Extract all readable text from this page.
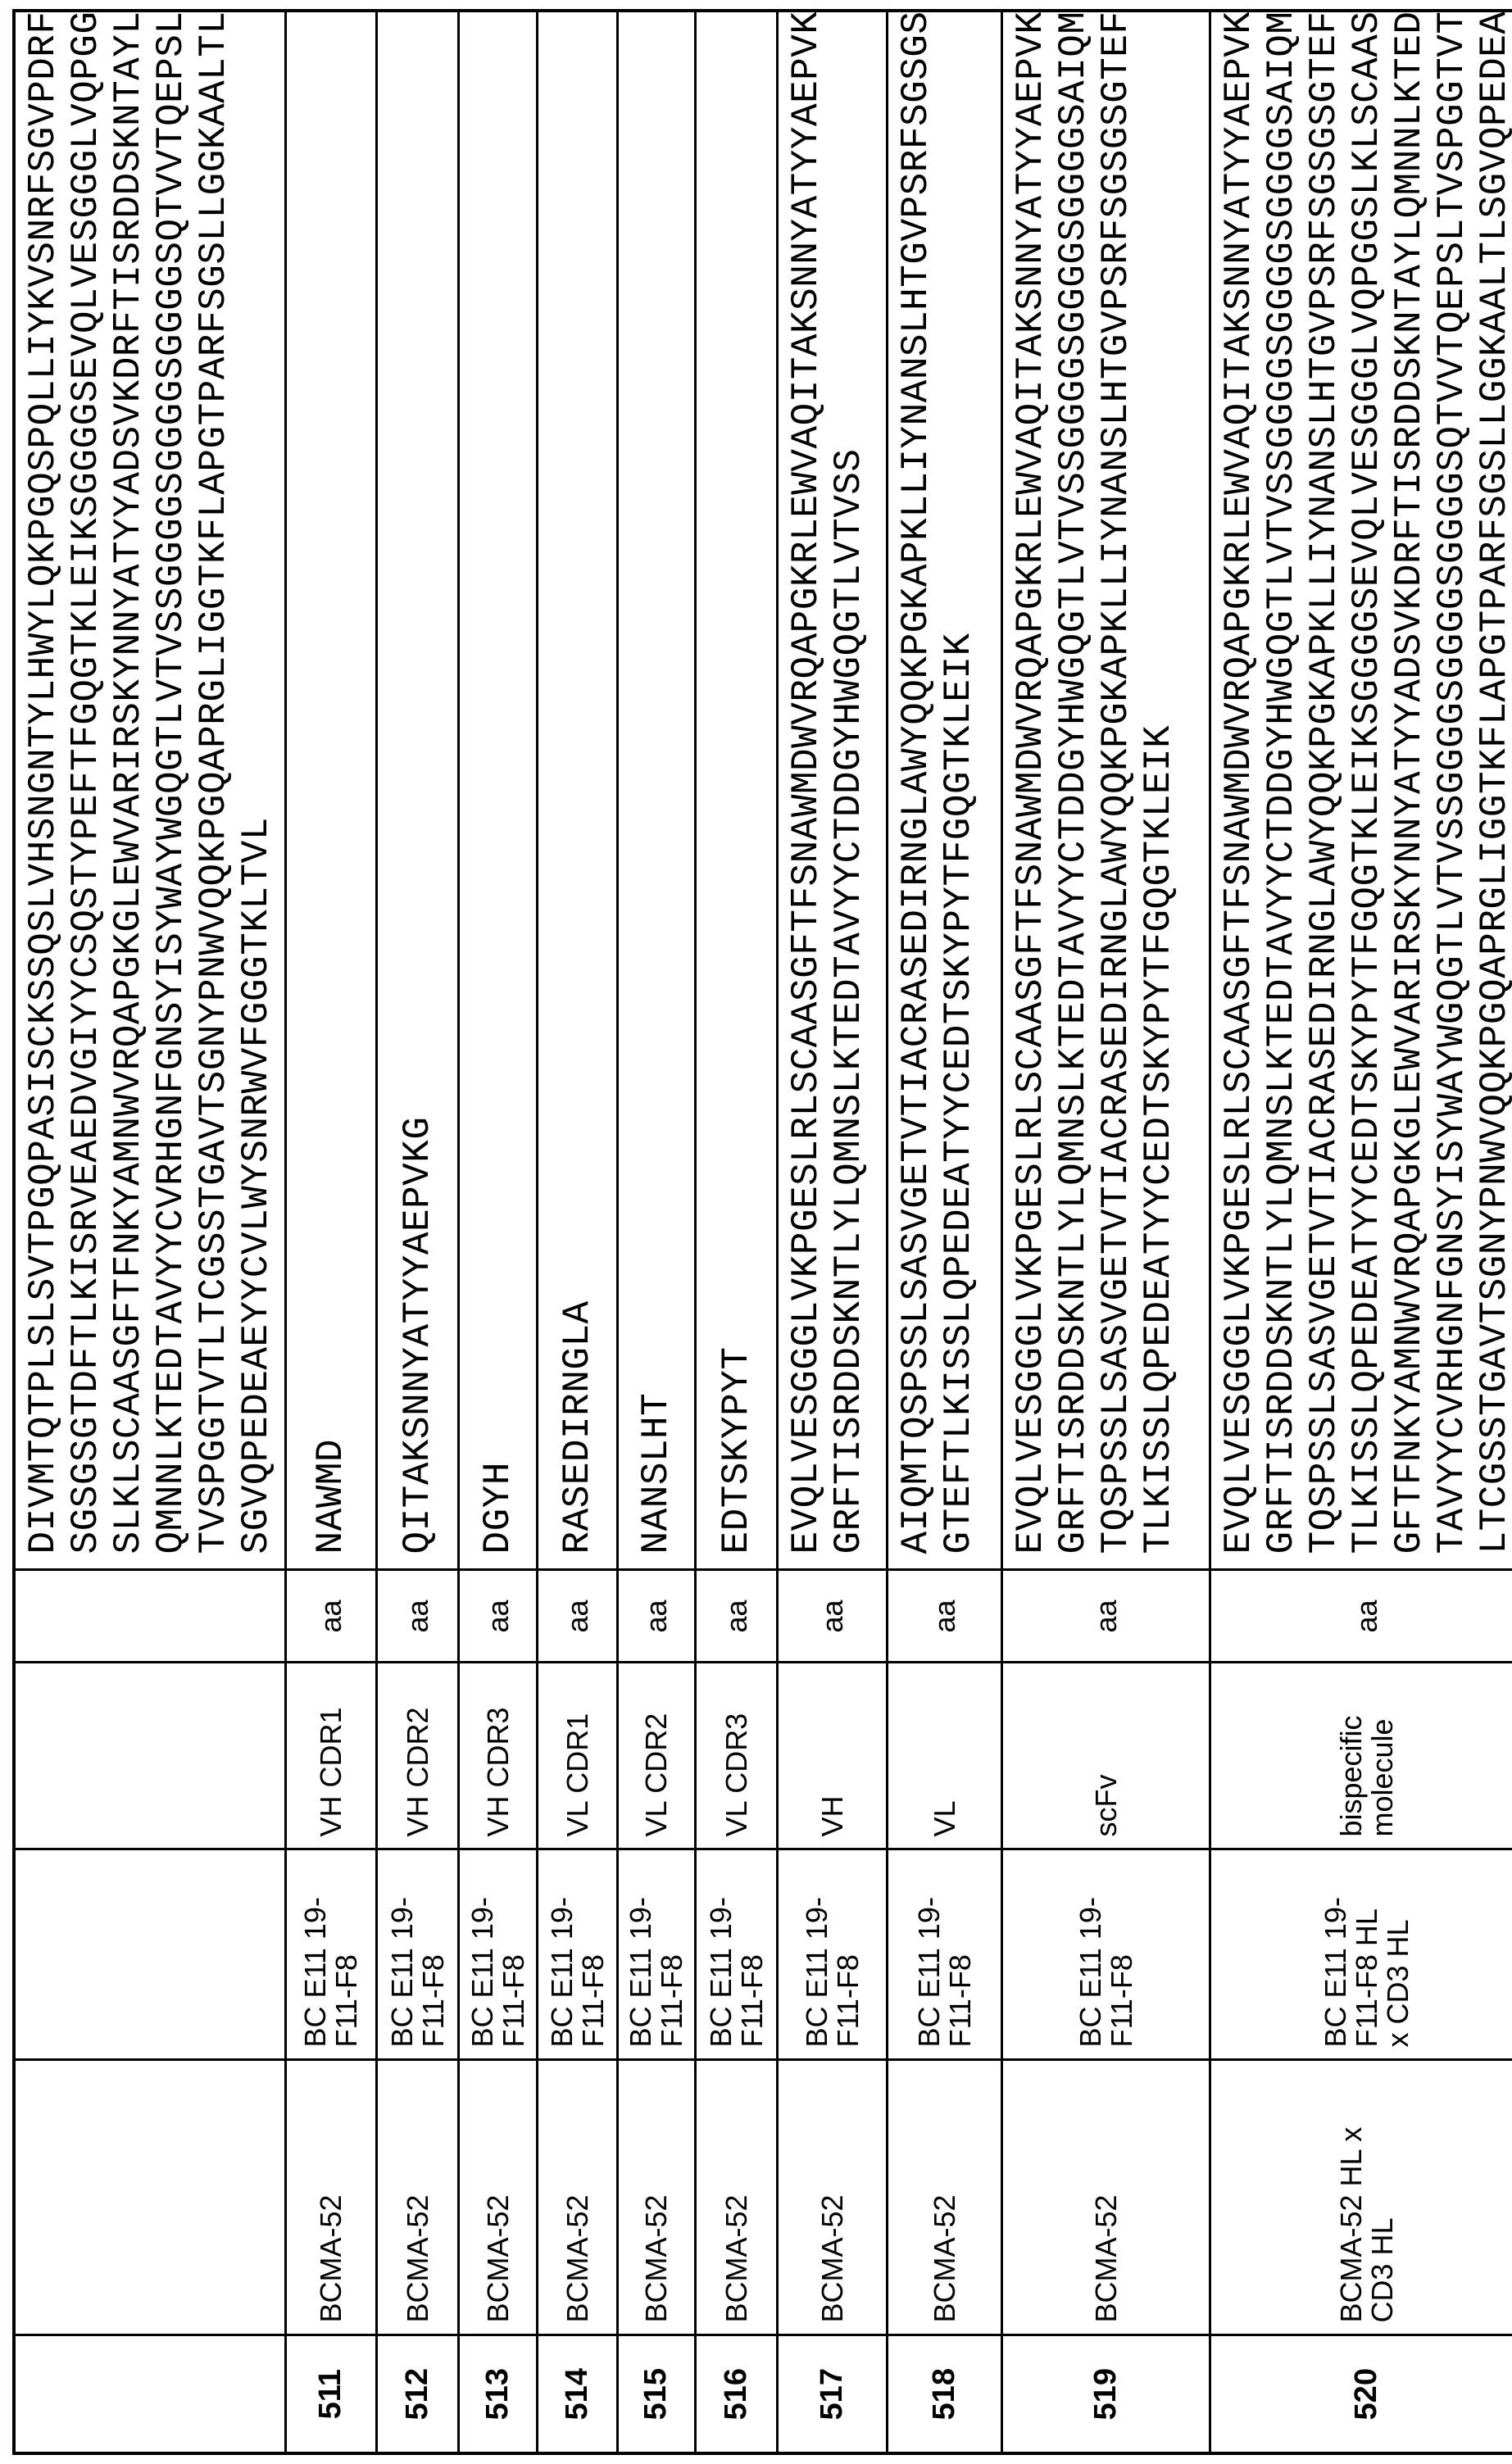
DIVMTQTPLSLSVTPGQPASISCKSSQSLVHSNGNTYLHWYLQKPGQSPQLLIYKVSNRFSGVPDRF SGSGSGTDFTLKISRVEAEDVGIYYCSQSTYPEFTFGQGTKLEIKSGGGGSEVQLVESGGGLVQPGG SLKLSCAASGFTFNKYAMNWVRQAPGKGLEWVARIRSKYNNYATYYADSVKDRFTISRDDSKNTAYL QMNNLKTEDTAVYYCVRHGNFGNSYISYWAYWGQGTLVTVSSGGGGSGGGGSGGGGSQTVVTQEPSL TVSPGGTVTLTCGSSTGAVTSGNYPNWVQQKPGQAPRGLIGGTKFLAPGTPARFSGSLLGGKAALTL SGVQPEDEAEYYCVLWYSNRWVFGGGTKLTVL

511	BCMA-52	BC E11 19-
F11-F8	VH CDR1	aa	
NAWMD

512	BCMA-52	BC E11 19-
F11-F8	VH CDR2	aa	
QITAKSNNYATYYAEPVKG

513	BCMA-52	BC E11 19-
F11-F8	VH CDR3	aa	
DGYH

514	BCMA-52	BC E11 19-
F11-F8	VL CDR1	aa	
RASEDIRNGLA

515	BCMA-52	BC E11 19-
F11-F8	VL CDR2	aa	
NANSLHT

516	BCMA-52	BC E11 19-
F11-F8	VL CDR3	aa	
EDTSKYPYT

517	BCMA-52	BC E11 19-
F11-F8	VH	aa	
EVQLVESGGGLVKPGESLRLSCAASGFTFSNAWMDWVRQAPGKRLEWVAQITAKSNNYATYYAEPVK GRFTISRDDSKNTLYLQMNSLKTEDTAVYYCTDDGYHWGQGTLVTVSS

518	BCMA-52	BC E11 19-
F11-F8	VL	aa	
AIQMTQSPSSLSASVGETVTIACRASEDIRNGLAWYQQKPGKAPKLLIYNANSLHTGVPSRFSGSGS GTEFTLKISSLQPEDEATYYCEDTSKYPYTFGQGTKLEIK

519	BCMA-52	BC E11 19-
F11-F8	scFv	aa	
EVQLVESGGGLVKPGESLRLSCAASGFTFSNAWMDWVRQAPGKRLEWVAQITAKSNNYATYYAEPVK GRFTISRDDSKNTLYLQMNSLKTEDTAVYYCTDDGYHWGQGTLVTVSSGGGGSGGGGSGGGGSAIQM TQSPSSLSASVGETVTIACRASEDIRNGLAWYQQKPGKAPKLLIYNANSLHTGVPSRFSGSGSGTEF TLKISSLQPEDEATYYCEDTSKYPYTFGQGTKLEIK

520	BCMA-52 HL x
CD3 HL	BC E11 19-
F11-F8 HL
x CD3 HL	bispecific
molecule	aa	
EVQLVESGGGLVKPGESLRLSCAASGFTFSNAWMDWVRQAPGKRLEWVAQITAKSNNYATYYAEPVK GRFTISRDDSKNTLYLQMNSLKTEDTAVYYCTDDGYHWGQGTLVTVSSGGGGSGGGGSGGGGSAIQM TQSPSSLSASVGETVTIACRASEDIRNGLAWYQQKPGKAPKLLIYNANSLHTGVPSRFSGSGSGTEF TLKISSLQPEDEATYYCEDTSKYPYTFGQGTKLEIKSGGGGSEVQLVESGGGLVQPGGSLKLSCAAS GFTFNKYAMNWVRQAPGKGLEWVARIRSKYNNYATYYADSVKDRFTISRDDSKNTAYLQMNNLKTED TAVYYCVRHGNFGNSYISYWAYWGQGTLVTVSSGGGGSGGGGSGGGGSQTVVTQEPSLTVSPGGTVT LTCGSSTGAVTSGNYPNWVQQKPGQAPRGLIGGTKFLAPGTPARFSGSLLGGKAALTLSGVQPEDEA
